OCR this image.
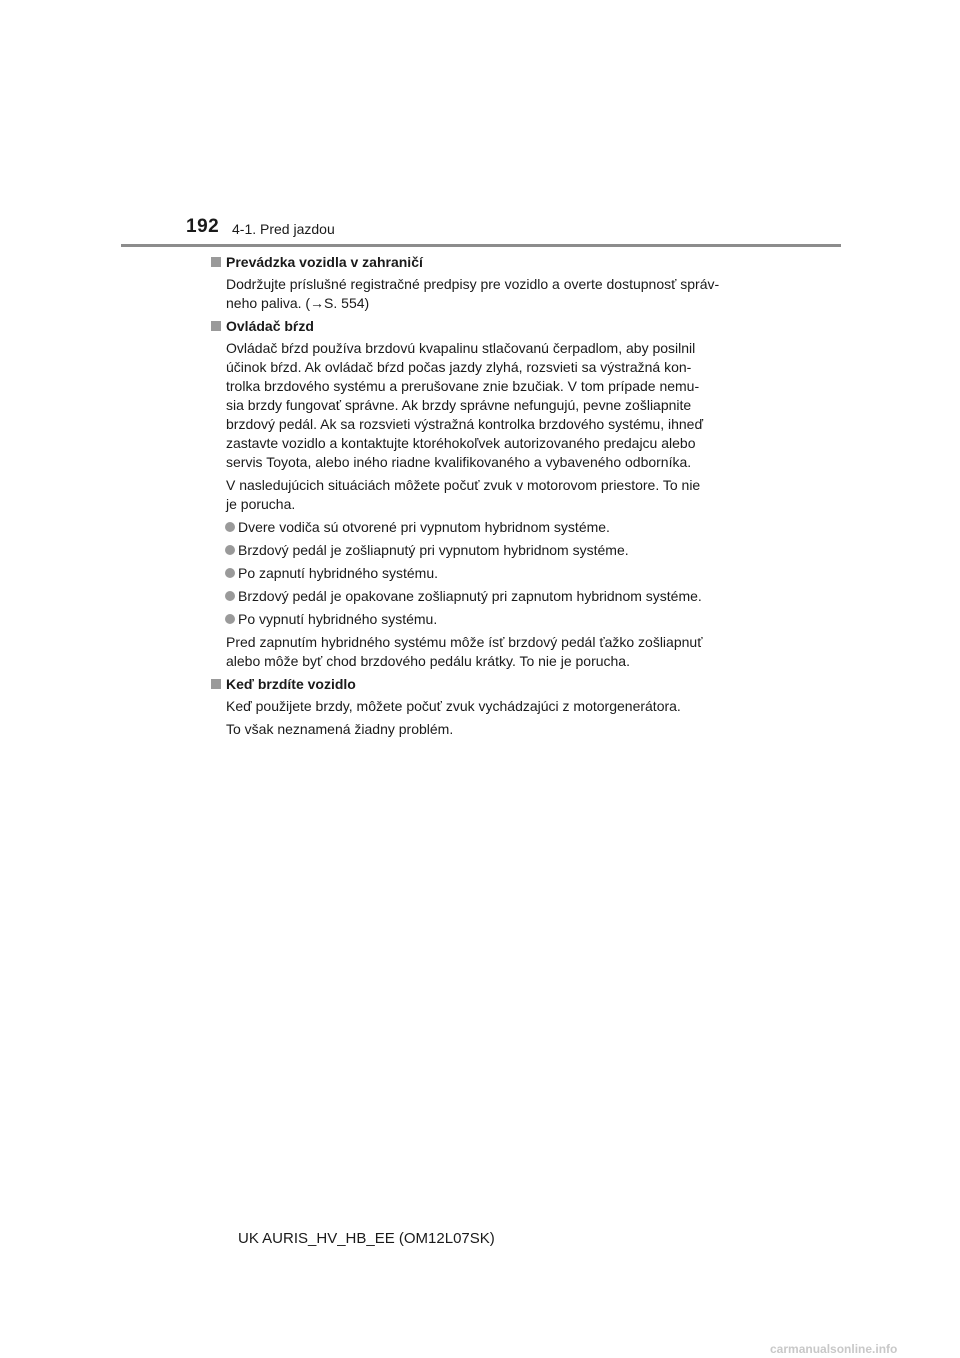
192 4-1. Pred jazdou
Prevádzka vozidla v zahraničí
Dodržujte príslušné registračné predpisy pre vozidlo a overte dostupnosť správ-
neho paliva. (→S. 554)
Ovládač bŕzd
Ovládač bŕzd používa brzdovú kvapalinu stlačovanú čerpadlom, aby posilnil
účinok bŕzd. Ak ovládač bŕzd počas jazdy zlyhá, rozsvieti sa výstražná kon-
trolka brzdového systému a prerušovane znie bzučiak. V tom prípade nemu-
sia brzdy fungovať správne. Ak brzdy správne nefungujú, pevne zošliapnite
brzdový pedál. Ak sa rozsvieti výstražná kontrolka brzdového systému, ihneď
zastavte vozidlo a kontaktujte ktoréhokoľvek autorizovaného predajcu alebo
servis Toyota, alebo iného riadne kvalifikovaného a vybaveného odborníka.
V nasledujúcich situáciách môžete počuť zvuk v motorovom priestore. To nie
je porucha.
Dvere vodiča sú otvorené pri vypnutom hybridnom systéme.
Brzdový pedál je zošliapnutý pri vypnutom hybridnom systéme.
Po zapnutí hybridného systému.
Brzdový pedál je opakovane zošliapnutý pri zapnutom hybridnom systéme.
Po vypnutí hybridného systému.
Pred zapnutím hybridného systému môže ísť brzdový pedál ťažko zošliapnuť
alebo môže byť chod brzdového pedálu krátky. To nie je porucha.
Keď brzdíte vozidlo
Keď použijete brzdy, môžete počuť zvuk vychádzajúci z motorgenerátora.
To však neznamená žiadny problém.
UK AURIS_HV_HB_EE (OM12L07SK)
carmanualsonline.info
